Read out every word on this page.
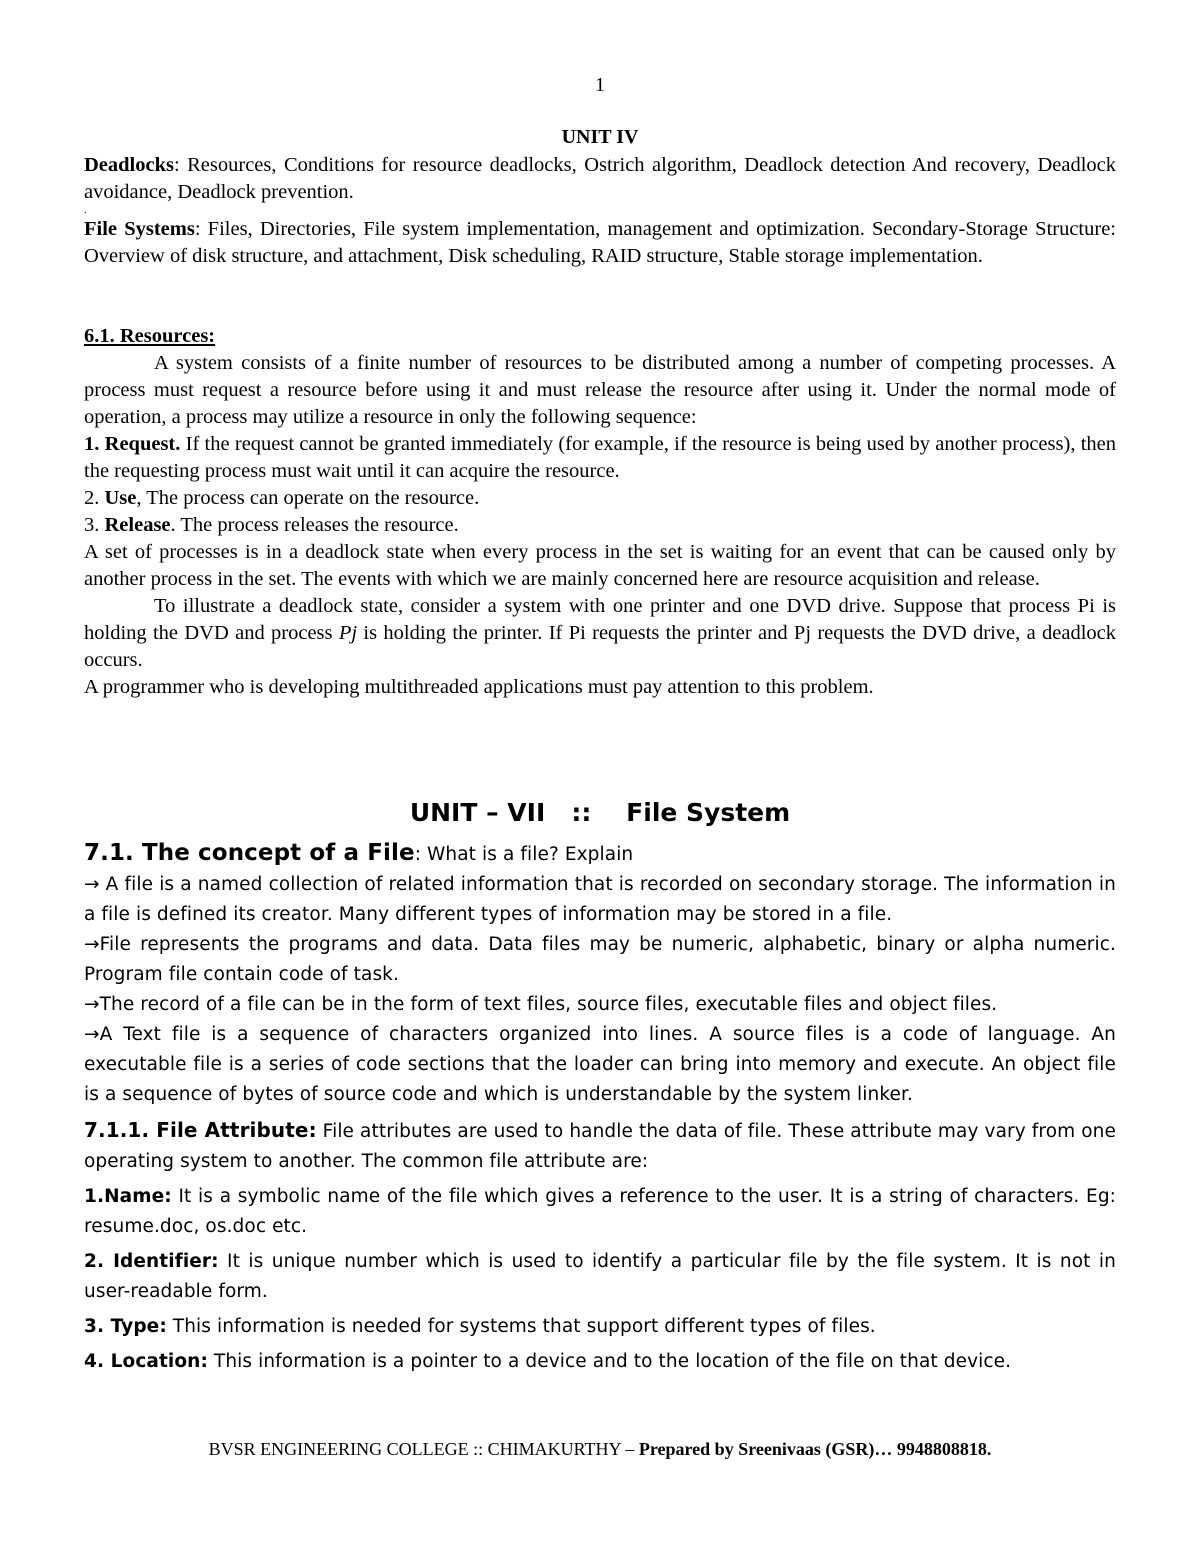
1
UNIT IV

Deadlocks: Resources, Conditions for resource deadlocks, Ostrich algorithm, Deadlock detection And recovery, Deadlock avoidance, Deadlock prevention.

.

File Systems: Files, Directories, File system implementation, management and optimization. Secondary-Storage Structure: Overview of disk structure, and attachment, Disk scheduling, RAID structure, Stable storage implementation.

6.1. Resources:

A system consists of a finite number of resources to be distributed among a number of competing processes. A process must request a resource before using it and must release the resource after using it. Under the normal mode of operation, a process may utilize a resource in only the following sequence:

1. Request. If the request cannot be granted immediately (for example, if the resource is being used by another process), then the requesting process must wait until it can acquire the resource.

2. Use, The process can operate on the resource.

3. Release. The process releases the resource.

A set of processes is in a deadlock state when every process in the set is waiting for an event that can be caused only by another process in the set. The events with which we are mainly concerned here are resource acquisition and release.

To illustrate a deadlock state, consider a system with one printer and one DVD drive. Suppose that process Pi is holding the DVD and process Pj is holding the printer. If Pi requests the printer and Pj requests the DVD drive, a deadlock occurs.

A programmer who is developing multithreaded applications must pay attention to this problem.

UNIT – VII   ::    File System

7.1. The concept of a File: What is a file? Explain

→ A file is a named collection of related information that is recorded on secondary storage. The information in a file is defined its creator. Many different types of information may be stored in a file.

→File represents the programs and data. Data files may be numeric, alphabetic, binary or alpha numeric. Program file contain code of task.

→The record of a file can be in the form of text files, source files, executable files and object files.

→A Text file is a sequence of characters organized into lines. A source files is a code of language. An executable file is a series of code sections that the loader can bring into memory and execute. An object file is a sequence of bytes of source code and which is understandable by the system linker.

7.1.1. File Attribute: File attributes are used to handle the data of file. These attribute may vary from one operating system to another. The common file attribute are:

1.Name: It is a symbolic name of the file which gives a reference to the user. It is a string of characters. Eg: resume.doc, os.doc etc.

2. Identifier: It is unique number which is used to identify a particular file by the file system. It is not in user-readable form.

3. Type: This information is needed for systems that support different types of files.

4. Location: This information is a pointer to a device and to the location of the file on that device.

BVSR ENGINEERING COLLEGE :: CHIMAKURTHY – Prepared by Sreenivaas (GSR)… 9948808818.
